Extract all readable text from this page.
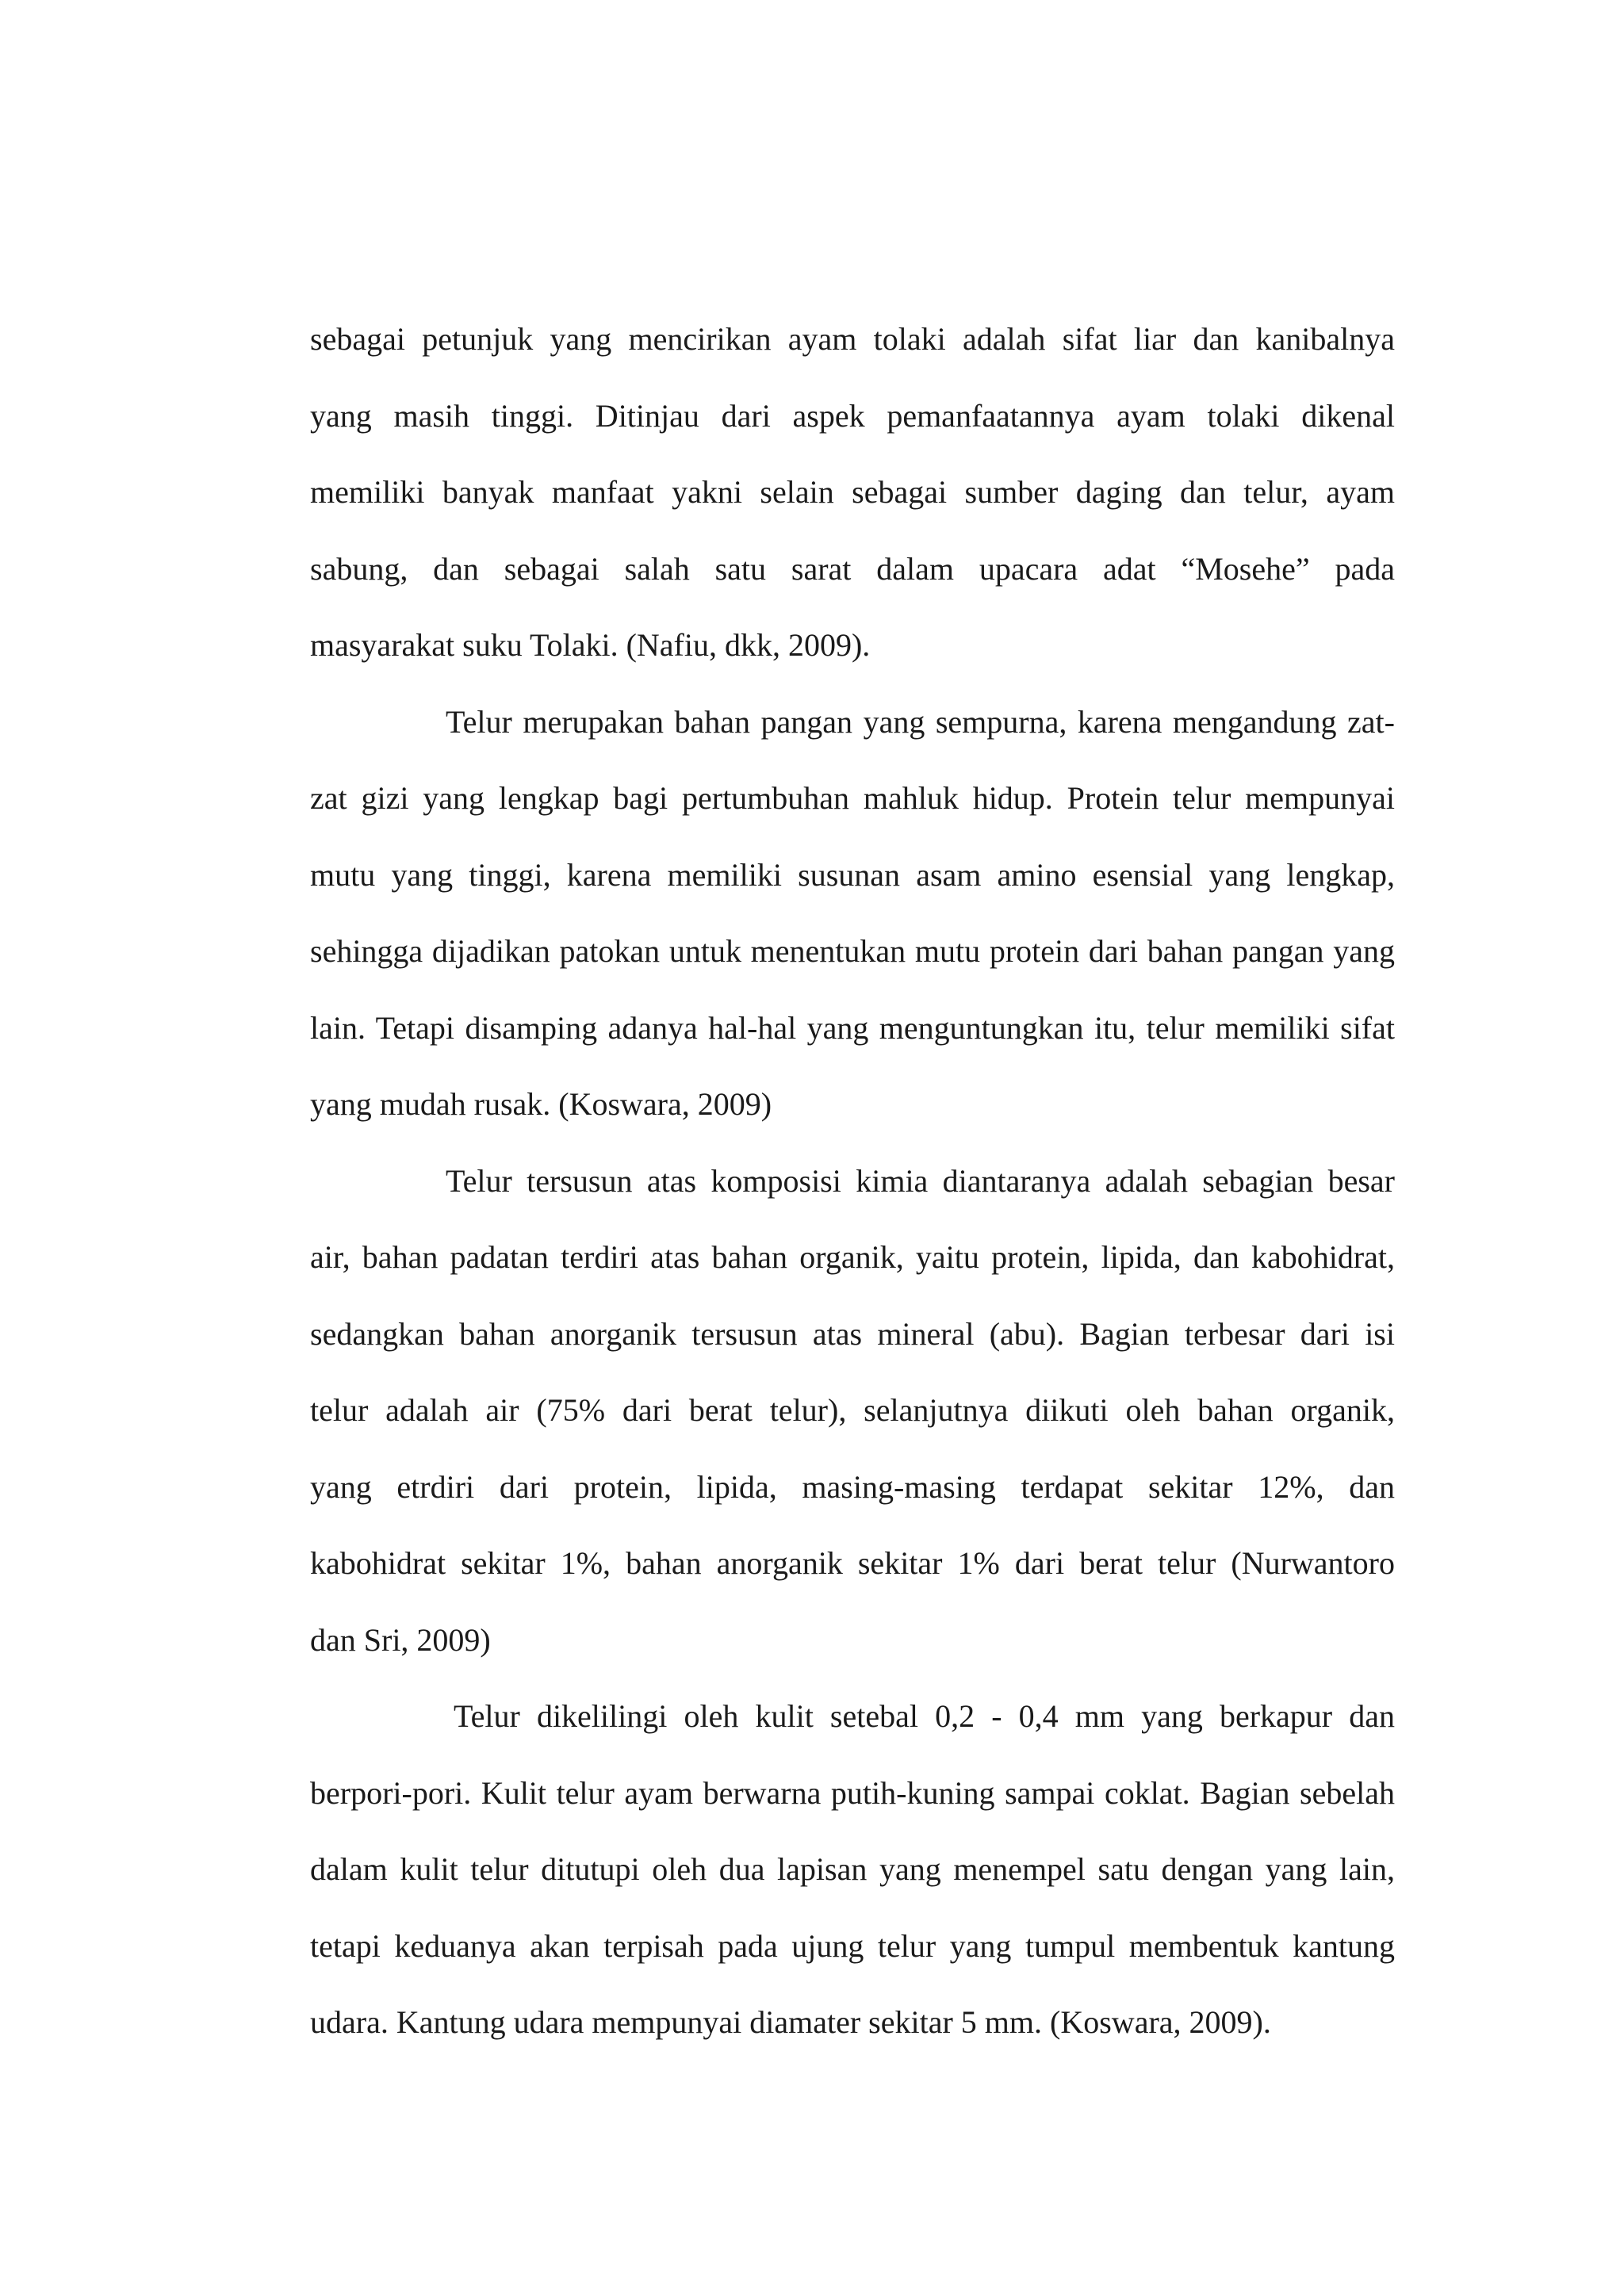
sebagai petunjuk yang mencirikan ayam tolaki adalah sifat liar dan kanibalnya
yang masih tinggi. Ditinjau dari aspek pemanfaatannya ayam tolaki dikenal
memiliki banyak manfaat yakni selain sebagai sumber daging dan telur, ayam
sabung, dan sebagai salah satu sarat dalam upacara adat “Mosehe” pada
masyarakat suku Tolaki. (Nafiu, dkk, 2009).
Telur merupakan bahan pangan yang sempurna, karena mengandung zat-
zat gizi yang lengkap bagi pertumbuhan mahluk hidup. Protein telur mempunyai
mutu yang tinggi, karena memiliki susunan asam amino esensial yang lengkap,
sehingga dijadikan patokan untuk menentukan mutu protein dari bahan pangan yang
lain. Tetapi disamping adanya hal-hal yang menguntungkan itu, telur memiliki sifat
yang mudah rusak. (Koswara, 2009)
Telur tersusun atas komposisi kimia diantaranya adalah sebagian besar
air, bahan padatan terdiri atas bahan organik, yaitu protein, lipida, dan kabohidrat,
sedangkan bahan anorganik tersusun atas mineral (abu). Bagian terbesar dari isi
telur adalah air (75% dari berat telur), selanjutnya diikuti oleh bahan organik,
yang etrdiri dari protein, lipida, masing-masing terdapat sekitar 12%, dan
kabohidrat sekitar 1%, bahan anorganik sekitar 1% dari berat telur (Nurwantoro
dan Sri, 2009)
Telur dikelilingi oleh kulit setebal 0,2 - 0,4 mm yang berkapur dan
berpori-pori. Kulit telur ayam berwarna putih-kuning sampai coklat. Bagian sebelah
dalam kulit telur ditutupi oleh dua lapisan yang menempel satu dengan yang lain,
tetapi keduanya akan terpisah pada ujung telur yang tumpul membentuk kantung
udara. Kantung udara mempunyai diamater sekitar 5 mm. (Koswara, 2009).
